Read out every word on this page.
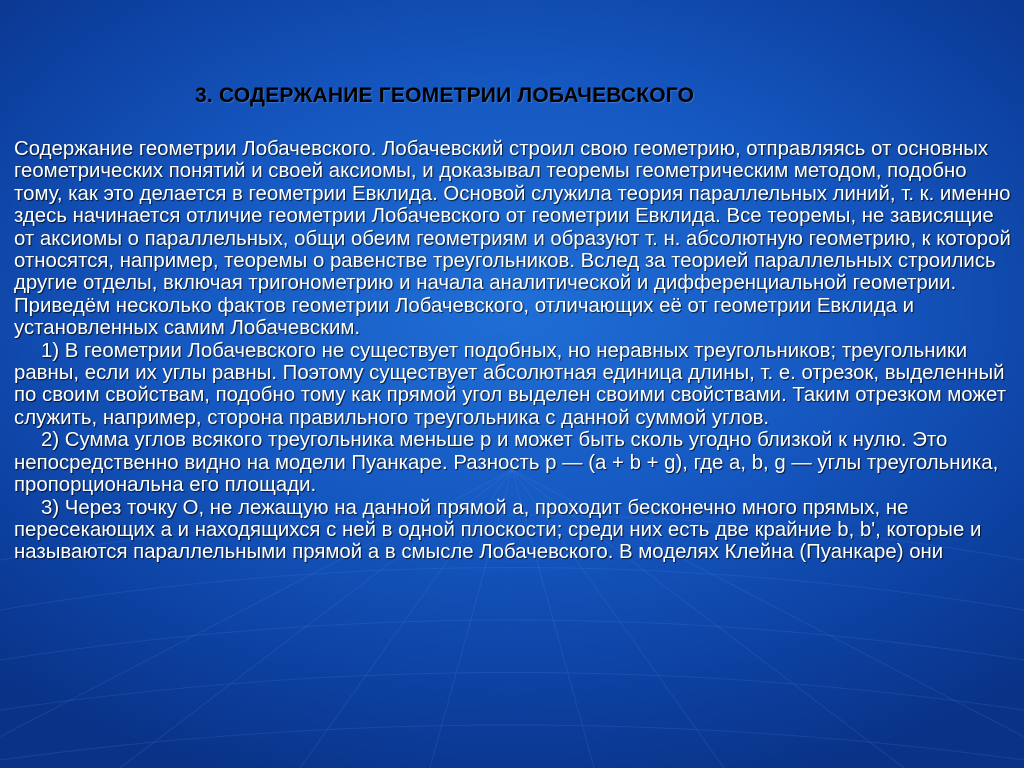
3. СОДЕРЖАНИЕ ГЕОМЕТРИИ ЛОБАЧЕВСКОГО

Содержание геометрии Лобачевского. Лобачевский строил свою геометрию, отправляясь от основных геометрических понятий и своей аксиомы, и доказывал теоремы геометрическим методом, подобно тому, как это делается в геометрии Евклида. Основой служила теория параллельных линий, т. к. именно здесь начинается отличие геометрии Лобачевского от геометрии Евклида. Все теоремы, не зависящие от аксиомы о параллельных, общи обеим геометриям и образуют т. н. абсолютную геометрию, к которой относятся, например, теоремы о равенстве треугольников. Вслед за теорией параллельных строились другие отделы, включая тригонометрию и начала аналитической и дифференциальной геометрии. Приведём несколько фактов геометрии Лобачевского, отличающих её от геометрии Евклида и установленных самим Лобачевским.

1) В геометрии Лобачевского не существует подобных, но неравных треугольников; треугольники равны, если их углы равны. Поэтому существует абсолютная единица длины, т. е. отрезок, выделенный по своим свойствам, подобно тому как прямой угол выделен своими свойствами. Таким отрезком может служить, например, сторона правильного треугольника с данной суммой углов.

2) Сумма углов всякого треугольника меньше p и может быть сколь угодно близкой к нулю. Это непосредственно видно на модели Пуанкаре. Разность p — (a + b + g), где a, b, g — углы треугольника, пропорциональна его площади.

3) Через точку О, не лежащую на данной прямой а, проходит бесконечно много прямых, не пересекающих а и находящихся с ней в одной плоскости; среди них есть две крайние b, b', которые и называются параллельными прямой а в смысле Лобачевского. В моделях Клейна (Пуанкаре) они
